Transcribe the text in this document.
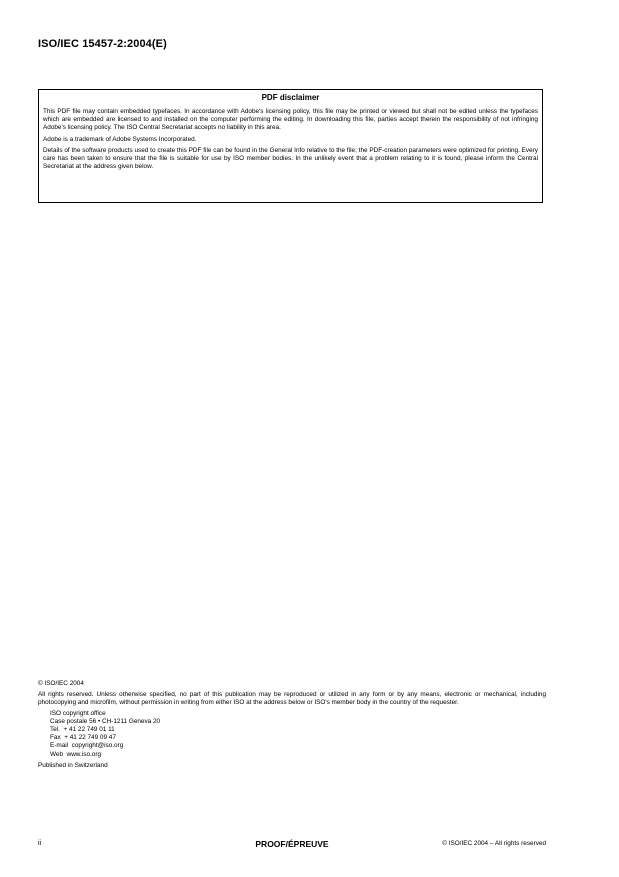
ISO/IEC 15457-2:2004(E)
PDF disclaimer

This PDF file may contain embedded typefaces. In accordance with Adobe's licensing policy, this file may be printed or viewed but shall not be edited unless the typefaces which are embedded are licensed to and installed on the computer performing the editing. In downloading this file, parties accept therein the responsibility of not infringing Adobe's licensing policy. The ISO Central Secretariat accepts no liability in this area.

Adobe is a trademark of Adobe Systems Incorporated.

Details of the software products used to create this PDF file can be found in the General Info relative to the file; the PDF-creation parameters were optimized for printing. Every care has been taken to ensure that the file is suitable for use by ISO member bodies. In the unlikely event that a problem relating to it is found, please inform the Central Secretariat at the address given below.

© ISO/IEC 2004

All rights reserved. Unless otherwise specified, no part of this publication may be reproduced or utilized in any form or by any means, electronic or mechanical, including photocopying and microfilm, without permission in writing from either ISO at the address below or ISO's member body in the country of the requester.

ISO copyright office
Case postale 56 • CH-1211 Geneva 20
Tel.  + 41 22 749 01 11
Fax  + 41 22 749 09 47
E-mail  copyright@iso.org
Web  www.iso.org

Published in Switzerland

ii	PROOF/ÉPREUVE	© ISO/IEC 2004 – All rights reserved
